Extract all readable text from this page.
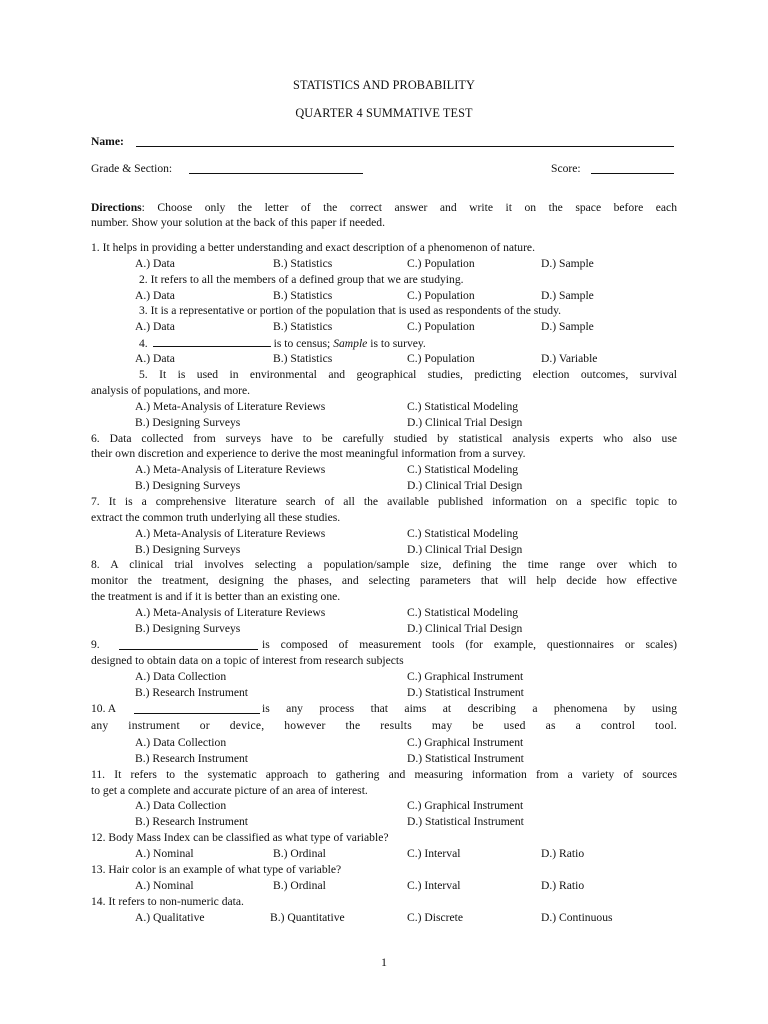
STATISTICS AND PROBABILITY
QUARTER 4 SUMMATIVE TEST
Name:
Grade & Section:	Score:
Directions: Choose only the letter of the correct answer and write it on the space before each
number. Show your solution at the back of this paper if needed.
1. It helps in providing a better understanding and exact description of a phenomenon of nature.
A.) Data	B.) Statistics	C.) Population	D.) Sample
2. It refers to all the members of a defined group that we are studying.
A.) Data	B.) Statistics	C.) Population	D.) Sample
3. It is a representative or portion of the population that is used as respondents of the study.
A.) Data	B.) Statistics	C.) Population	D.) Sample
4.	is to census; Sample is to survey.
A.) Data	B.) Statistics	C.) Population	D.) Variable
5. It is used in environmental and geographical studies, predicting election outcomes, survival
analysis of populations, and more.
A.) Meta-Analysis of Literature Reviews	C.) Statistical Modeling
B.) Designing Surveys	D.) Clinical Trial Design
6. Data collected from surveys have to be carefully studied by statistical analysis experts who also use
their own discretion and experience to derive the most meaningful information from a survey.
A.) Meta-Analysis of Literature Reviews	C.) Statistical Modeling
B.) Designing Surveys	D.) Clinical Trial Design
7. It is a comprehensive literature search of all the available published information on a specific topic to
extract the common truth underlying all these studies.
A.) Meta-Analysis of Literature Reviews	C.) Statistical Modeling
B.) Designing Surveys	D.) Clinical Trial Design
8. A clinical trial involves selecting a population/sample size, defining the time range over which to
monitor the treatment, designing the phases, and selecting parameters that will help decide how effective
the treatment is and if it is better than an existing one.
A.) Meta-Analysis of Literature Reviews	C.) Statistical Modeling
B.) Designing Surveys	D.) Clinical Trial Design
9.	is composed of measurement tools (for example, questionnaires or scales)
designed to obtain data on a topic of interest from research subjects
A.) Data Collection	C.) Graphical Instrument
B.) Research Instrument	D.) Statistical Instrument
10. A	is any process that aims at describing a phenomena by using
any instrument or device, however the results may be used as a control tool.
A.) Data Collection	C.) Graphical Instrument
B.) Research Instrument	D.) Statistical Instrument
11. It refers to the systematic approach to gathering and measuring information from a variety of sources
to get a complete and accurate picture of an area of interest.
A.) Data Collection	C.) Graphical Instrument
B.) Research Instrument	D.) Statistical Instrument
12. Body Mass Index can be classified as what type of variable?
A.) Nominal	B.) Ordinal	C.) Interval	D.) Ratio
13. Hair color is an example of what type of variable?
A.) Nominal	B.) Ordinal	C.) Interval	D.) Ratio
14. It refers to non-numeric data.
A.) Qualitative	B.) Quantitative	C.) Discrete	D.) Continuous
1
